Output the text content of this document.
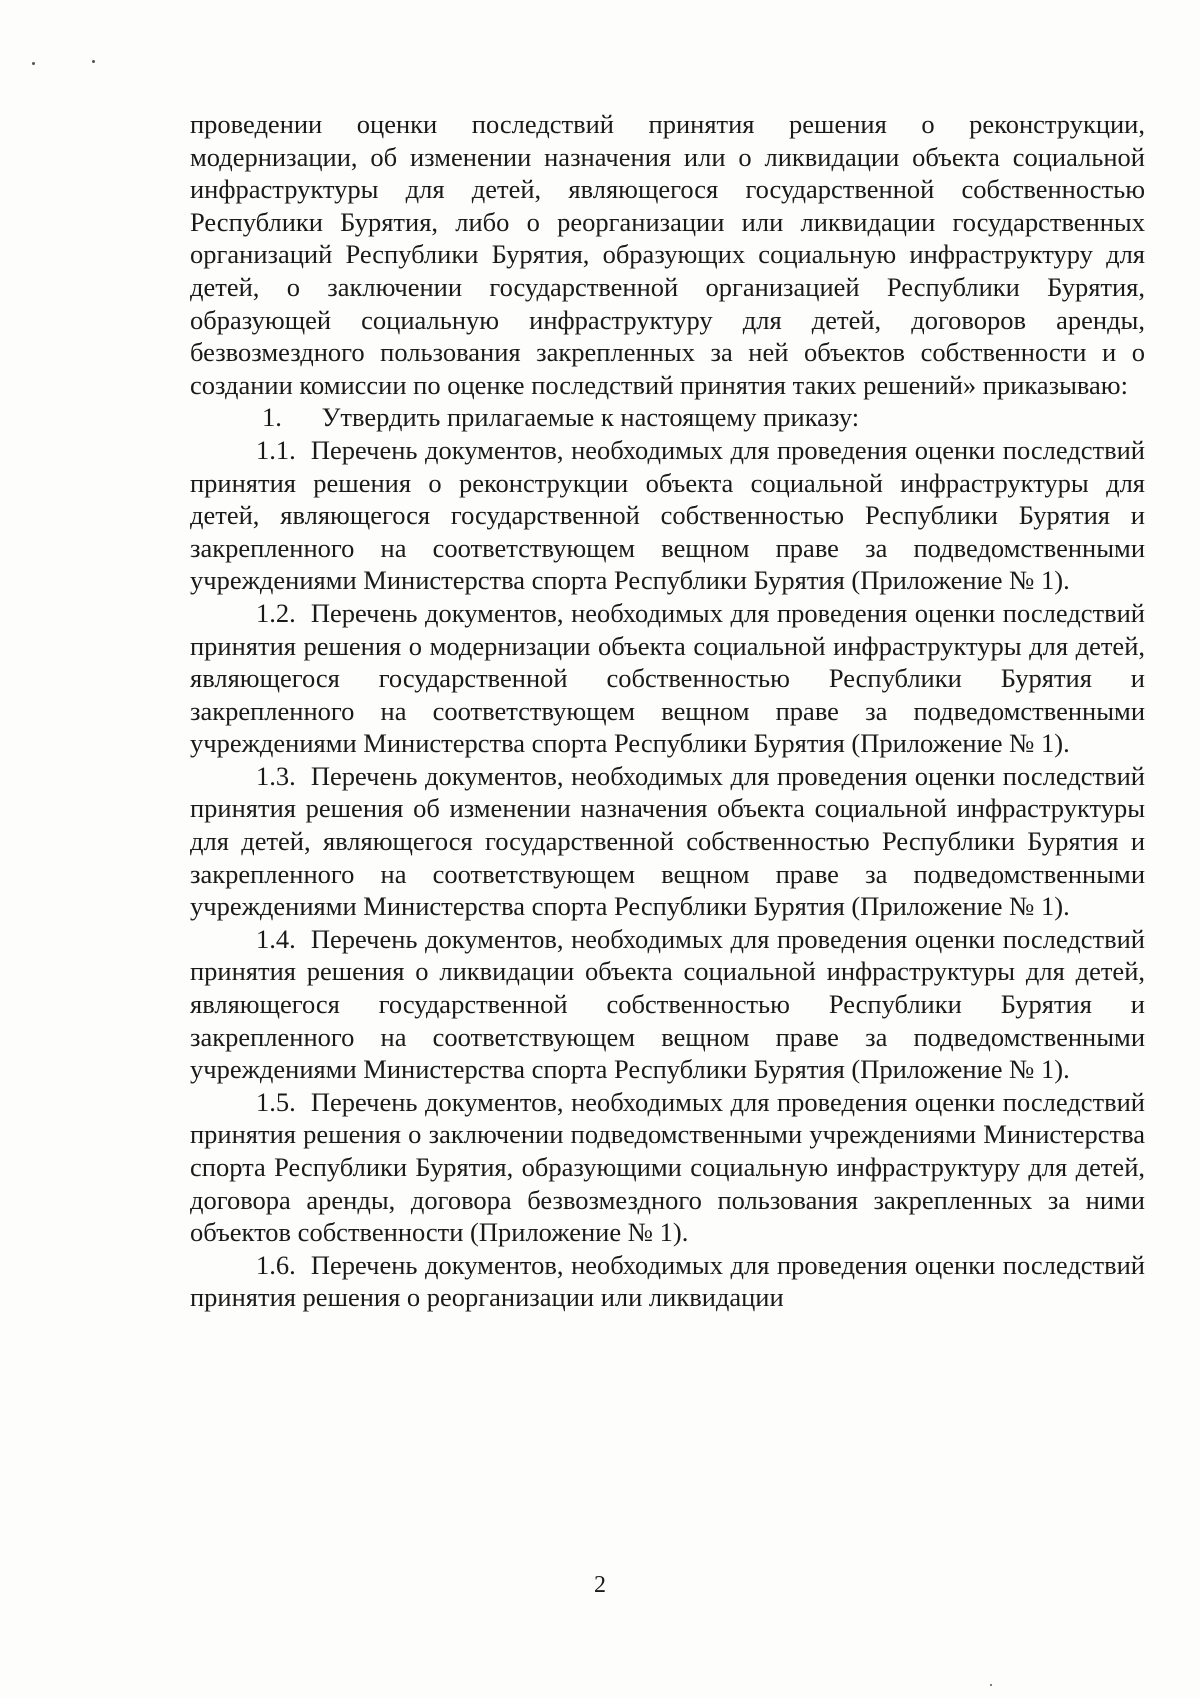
проведении оценки последствий принятия решения о реконструкции, модернизации, об изменении назначения или о ликвидации объекта социальной инфраструктуры для детей, являющегося государственной собственностью Республики Бурятия, либо о реорганизации или ликвидации государственных организаций Республики Бурятия, образующих социальную инфраструктуру для детей, о заключении государственной организацией Республики Бурятия, образующей социальную инфраструктуру для детей, договоров аренды, безвозмездного пользования закрепленных за ней объектов собственности и о создании комиссии по оценке последствий принятия таких решений» приказываю:

1.      Утвердить прилагаемые к настоящему приказу:

1.1.  Перечень документов, необходимых для проведения оценки последствий принятия решения о реконструкции объекта социальной инфраструктуры для детей, являющегося государственной собственностью Республики Бурятия и закрепленного на соответствующем вещном праве за подведомственными учреждениями Министерства спорта Республики Бурятия (Приложение № 1).

1.2.  Перечень документов, необходимых для проведения оценки последствий принятия решения о модернизации объекта социальной инфраструктуры для детей, являющегося государственной собственностью Республики Бурятия и закрепленного на соответствующем вещном праве за подведомственными учреждениями Министерства спорта Республики Бурятия (Приложение № 1).

1.3.  Перечень документов, необходимых для проведения оценки последствий принятия решения об изменении назначения объекта социальной инфраструктуры для детей, являющегося государственной собственностью Республики Бурятия и закрепленного на соответствующем вещном праве за подведомственными учреждениями Министерства спорта Республики Бурятия (Приложение № 1).

1.4.  Перечень документов, необходимых для проведения оценки последствий принятия решения о ликвидации объекта социальной инфраструктуры для детей, являющегося государственной собственностью Республики Бурятия и закрепленного на соответствующем вещном праве за подведомственными учреждениями Министерства спорта Республики Бурятия (Приложение № 1).

1.5.  Перечень документов, необходимых для проведения оценки последствий принятия решения о заключении подведомственными учреждениями Министерства спорта Республики Бурятия, образующими социальную инфраструктуру для детей, договора аренды, договора безвозмездного пользования закрепленных за ними объектов собственности (Приложение № 1).

1.6.  Перечень документов, необходимых для проведения оценки последствий принятия решения о реорганизации или ликвидации

2
